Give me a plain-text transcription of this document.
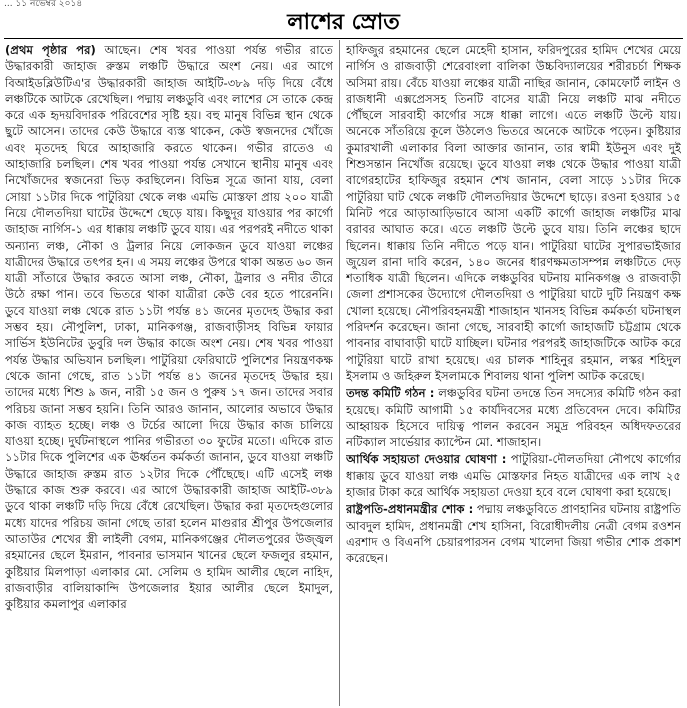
... ১১ নভেম্বর ২০১৪
লাশের স্রোত

(প্রথম পৃষ্ঠার পর) আছেন। শেষ খবর পাওয়া পর্যন্ত গভীর রাতে উদ্ধারকারী জাহাজ রুস্তম লঞ্চটি উদ্ধারে অংশ নেয়। এর আগে বিআইডব্লিউটিএ'র উদ্ধারকারী জাহাজ আইটি-৩৮৯ দড়ি দিয়ে বেঁধে লঞ্চটিকে আটকে রেখেছিল। পদ্মায় লঞ্চডুবি এবং লাশের সে তাকে কেন্দ্র করে এক হৃদয়বিদারক পরিবেশের সৃষ্টি হয়। বহু মানুষ বিভিন্ন স্থান থেকে ছুটে আসেন। তাদের কেউ উদ্ধারে ব্যস্ত থাকেন, কেউ স্বজনদের খোঁজে এবং মৃতদেহ ঘিরে আহাজারি করতে থাকেন। গভীর রাতেও এ আহাজারি চলছিল। শেষ খবর পাওয়া পর্যন্ত সেখানে স্থানীয় মানুষ এবং নিখোঁজদের স্বজনেরা ভিড় করছিলেন। বিভিন্ন সূত্রে জানা যায়, বেলা সোয়া ১১টার দিকে পাটুরিয়া থেকে লঞ্চ এমভি মোস্তফা প্রায় ২০০ যাত্রী নিয়ে দৌলতদিয়া ঘাটের উদ্দেশে ছেড়ে যায়। কিছুদূর যাওয়ার পর কার্গো জাহাজ নার্গিস-১ এর ধাক্কায় লঞ্চটি ডুবে যায়। এর পরপরই নদীতে থাকা অন্যান্য লঞ্চ, নৌকা ও ট্রলার নিয়ে লোকজন ডুবে যাওয়া লঞ্চের যাত্রীদের উদ্ধারে তৎপর হন। এ সময় লঞ্চের উপরে থাকা অন্তত ৬০ জন যাত্রী সাঁতারে উদ্ধার করতে আসা লঞ্চ, নৌকা, ট্রলার ও নদীর তীরে উঠে রক্ষা পান। তবে ভিতরে থাকা যাত্রীরা কেউ বের হতে পারেননি। ডুবে যাওয়া লঞ্চ থেকে রাত ১১টা পর্যন্ত ৪১ জনের মৃতদেহ উদ্ধার করা সম্ভব হয়। নৌপুলিশ, ঢাকা, মানিকগঞ্জ, রাজবাড়ীসহ বিভিন্ন ফায়ার সার্ভিস ইউনিটের ডুবুরি দল উদ্ধার কাজে অংশ নেয়। শেষ খবর পাওয়া পর্যন্ত উদ্ধার অভিযান চলছিল। পাটুরিয়া ফেরিঘাটে পুলিশের নিয়ন্ত্রণকক্ষ থেকে জানা গেছে, রাত ১১টা পর্যন্ত ৪১ জনের মৃতদেহ উদ্ধার হয়। তাদের মধ্যে শিশু ৯ জন, নারী ১৫ জন ও পুরুষ ১৭ জন। তাদের সবার পরিচয় জানা সম্ভব হয়নি। তিনি আরও জানান, আলোর অভাবে উদ্ধার কাজ ব্যাহত হচ্ছে। লঞ্চ ও টর্চের আলো দিয়ে উদ্ধার কাজ চালিয়ে যাওয়া হচ্ছে। দুর্ঘটনাস্থলে পানির গভীরতা ৩০ ফুটের মতো। এদিকে রাত ১১টার দিকে পুলিশের এক ঊর্ধ্বতন কর্মকর্তা জানান, ডুবে যাওয়া লঞ্চটি উদ্ধারে জাহাজ রুস্তম রাত ১২টার দিকে পৌঁছেছে। এটি এসেই লঞ্চ উদ্ধারে কাজ শুরু করবে। এর আগে উদ্ধারকারী জাহাজ আইটি-৩৮৯ ডুবে থাকা লঞ্চটি দড়ি দিয়ে বেঁধে রেখেছিল। উদ্ধার করা মৃতদেহগুলোর মধ্যে যাদের পরিচয় জানা গেছে তারা হলেন মাগুরার শ্রীপুর উপজেলার আতাউর শেখের স্ত্রী লাইলী বেগম, মানিকগঞ্জের দৌলতপুরের উজ্জ্বল রহমানের ছেলে ইমরান, পাবনার ভাসমান খানের ছেলে ফজলুর রহমান, কুষ্টিয়ার মিলপাড়া এলাকার মো. সেলিম ও হামিদ আলীর ছেলে নাহিদ, রাজবাড়ীর বালিয়াকান্দি উপজেলার ইয়ার আলীর ছেলে ইমাদুল, কুষ্টিয়ার কমলাপুর এলাকার

হাফিজুর রহমানের ছেলে মেহেদী হাসান, ফরিদপুরের হামিদ শেখের মেয়ে নার্গিস ও রাজবাড়ী শেরেবাংলা বালিকা উচ্চবিদ্যালয়ের শরীরচর্চা শিক্ষক অসিমা রায়। বেঁচে যাওয়া লঞ্চের যাত্রী নাছির জানান, কোমফোর্ট লাইন ও রাজধানী এক্সপ্রেসসহ তিনটি বাসের যাত্রী নিয়ে লঞ্চটি মাঝ নদীতে পৌঁছলে সারবাহী কার্গোর সঙ্গে ধাক্কা লাগে। এতে লঞ্চটি উল্টে যায়। অনেকে সাঁতরিয়ে কূলে উঠলেও ভিতরে অনেকে আটকে পড়েন। কুষ্টিয়ার কুমারখালী এলাকার বিলা আক্তার জানান, তার স্বামী ইউনুস এবং দুই শিশুসন্তান নিখোঁজ রয়েছে। ডুবে যাওয়া লঞ্চ থেকে উদ্ধার পাওয়া যাত্রী বাগেরহাটের হাফিজুর রহমান শেখ জানান, বেলা সাড়ে ১১টার দিকে পাটুরিয়া ঘাট থেকে লঞ্চটি দৌলতদিয়ার উদ্দেশে ছাড়ে। রওনা হওয়ার ১৫ মিনিট পরে আড়াআড়িভাবে আসা একটি কার্গো জাহাজ লঞ্চটির মাঝ বরাবর আঘাত করে। এতে লঞ্চটি উল্টে ডুবে যায়। তিনি লঞ্চের ছাদে ছিলেন। ধাক্কায় তিনি নদীতে পড়ে যান। পাটুরিয়া ঘাটের সুপারভাইজার জুয়েল রানা দাবি করেন, ১৪০ জনের ধারণক্ষমতাসম্পন্ন লঞ্চটিতে দেড় শতাধিক যাত্রী ছিলেন। এদিকে লঞ্চডুবির ঘটনায় মানিকগঞ্জ ও রাজবাড়ী জেলা প্রশাসকের উদ্যোগে দৌলতদিয়া ও পাটুরিয়া ঘাটে দুটি নিয়ন্ত্রণ কক্ষ খোলা হয়েছে। নৌপরিবহনমন্ত্রী শাজাহান খানসহ বিভিন্ন কর্মকর্তা ঘটনাস্থল পরিদর্শন করেছেন। জানা গেছে, সারবাহী কার্গো জাহাজটি চট্টগ্রাম থেকে পাবনার বাঘাবাড়ী ঘাটে যাচ্ছিল। ঘটনার পরপরই জাহাজটিকে আটক করে পাটুরিয়া ঘাটে রাখা হয়েছে। এর চালক শাহিনুর রহমান, লস্কর শহিদুল ইসলাম ও জহিরুল ইসলামকে শিবালয় থানা পুলিশ আটক করেছে।

তদন্ত কমিটি গঠন : লঞ্চডুবির ঘটনা তদন্তে তিন সদস্যের কমিটি গঠন করা হয়েছে। কমিটি আগামী ১৫ কার্যদিবসের মধ্যে প্রতিবেদন দেবে। কমিটির আহ্বায়ক হিসেবে দায়িত্ব পালন করবেন সমুদ্র পরিবহন অধিদফতরের নটিক্যাল সার্ভেয়ার ক্যাপ্টেন মো. শাজাহান।

আর্থিক সহায়তা দেওয়ার ঘোষণা : পাটুরিয়া-দৌলতদিয়া নৌপথে কার্গোর ধাক্কায় ডুবে যাওয়া লঞ্চ এমভি মোস্তফার নিহত যাত্রীদের এক লাখ ২৫ হাজার টাকা করে আর্থিক সহায়তা দেওয়া হবে বলে ঘোষণা করা হয়েছে।

রাষ্ট্রপতি-প্রধানমন্ত্রীর শোক : পদ্মায় লঞ্চডুবিতে প্রাণহানির ঘটনায় রাষ্ট্রপতি আবদুল হামিদ, প্রধানমন্ত্রী শেখ হাসিনা, বিরোধীদলীয় নেত্রী বেগম রওশন এরশাদ ও বিএনপি চেয়ারপারসন বেগম খালেদা জিয়া গভীর শোক প্রকাশ করেছেন।
